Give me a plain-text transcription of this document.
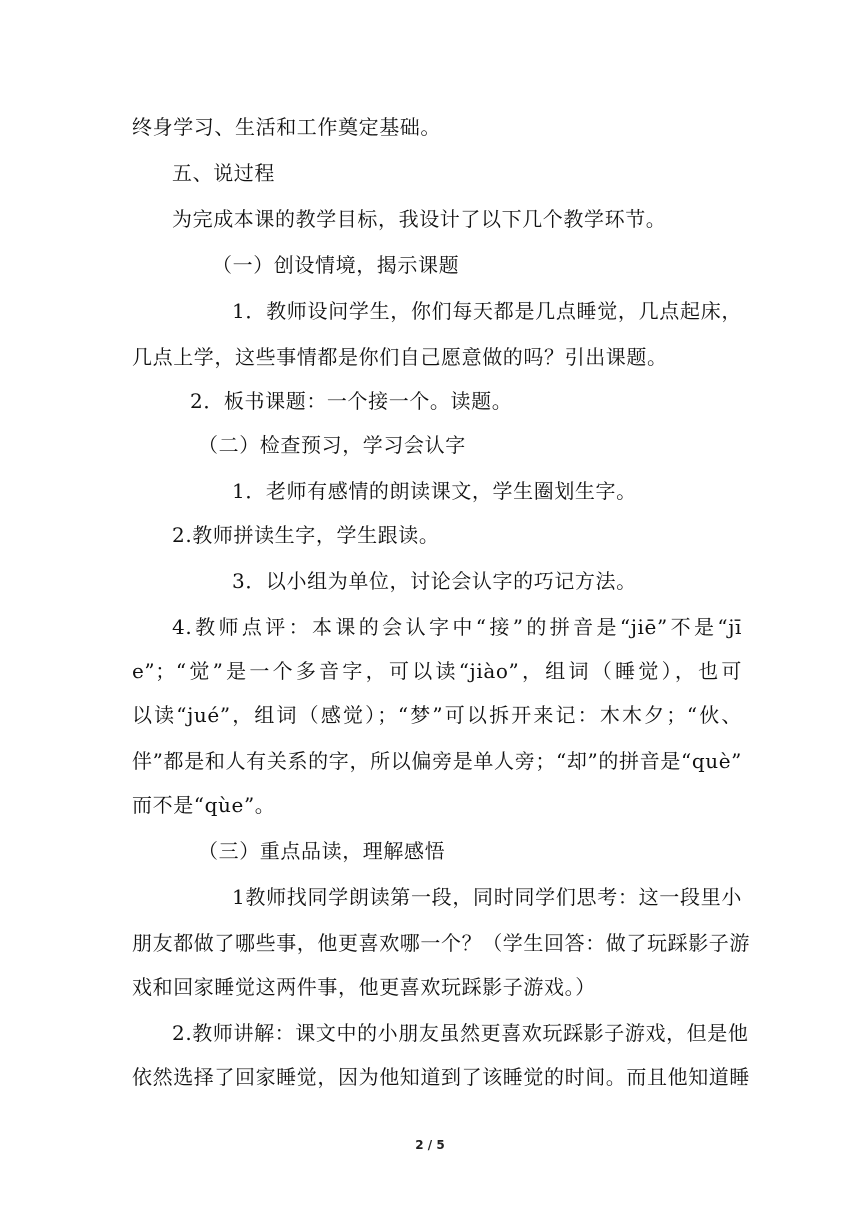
终身学习、生活和工作奠定基础。
五、说过程
为完成本课的教学目标，我设计了以下几个教学环节。
（一）创设情境，揭示课题
1．教师设问学生，你们每天都是几点睡觉，几点起床，
几点上学，这些事情都是你们自己愿意做的吗？引出课题。
2．板书课题：一个接一个。读题。
（二）检查预习，学习会认字
1．老师有感情的朗读课文，学生圈划生字。
2.教师拼读生字，学生跟读。
3．以小组为单位，讨论会认字的巧记方法。
4.教师点评：本课的会认字中“接”的拼音是“jiē”不是“jī
e”；“觉”是一个多音字，可以读“jiào”，组词（睡觉），也可
以读“jué”，组词（感觉）；“梦”可以拆开来记：木木夕；“伙、
伴”都是和人有关系的字，所以偏旁是单人旁；“却”的拼音是“què”
而不是“qùe”。
（三）重点品读，理解感悟
1教师找同学朗读第一段，同时同学们思考：这一段里小
朋友都做了哪些事，他更喜欢哪一个？（学生回答：做了玩踩影子游
戏和回家睡觉这两件事，他更喜欢玩踩影子游戏。）
2.教师讲解：课文中的小朋友虽然更喜欢玩踩影子游戏，但是他
依然选择了回家睡觉，因为他知道到了该睡觉的时间。而且他知道睡
2 / 5
